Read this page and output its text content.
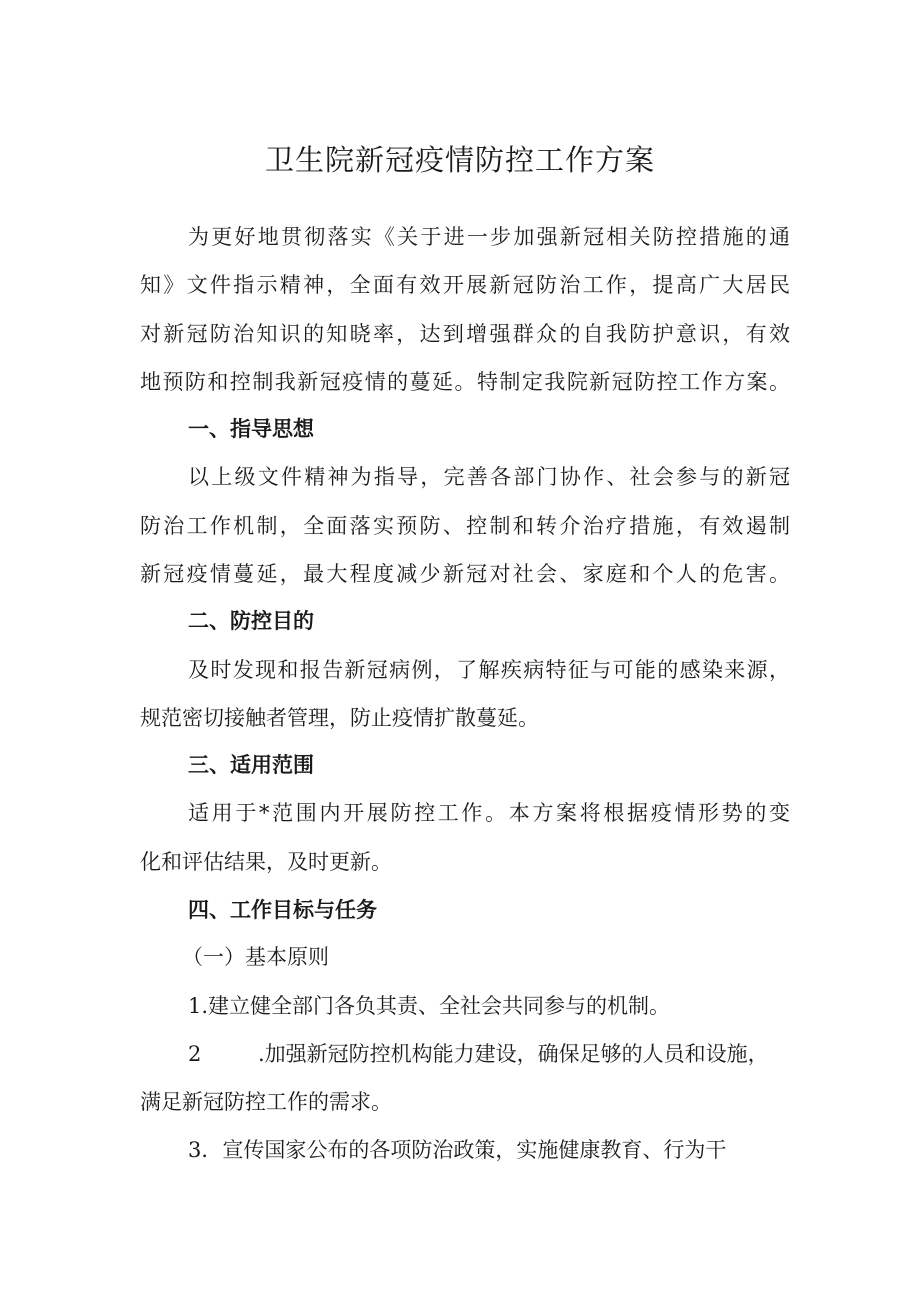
卫生院新冠疫情防控工作方案

为更好地贯彻落实《关于进一步加强新冠相关防控措施的通

知》文件指示精神，全面有效开展新冠防治工作，提高广大居民

对新冠防治知识的知晓率，达到增强群众的自我防护意识，有效

地预防和控制我新冠疫情的蔓延。特制定我院新冠防控工作方案。

一、指导思想

以上级文件精神为指导，完善各部门协作、社会参与的新冠

防治工作机制，全面落实预防、控制和转介治疗措施，有效遏制

新冠疫情蔓延，最大程度减少新冠对社会、家庭和个人的危害。

二、防控目的

及时发现和报告新冠病例，了解疾病特征与可能的感染来源，

规范密切接触者管理，防止疫情扩散蔓延。

三、适用范围

适用于*范围内开展防控工作。本方案将根据疫情形势的变

化和评估结果，及时更新。

四、工作目标与任务

（一）基本原则

1.建立健全部门各负其责、全社会共同参与的机制。

2	.加强新冠防控机构能力建设，确保足够的人员和设施，

满足新冠防控工作的需求。

3．宣传国家公布的各项防治政策，实施健康教育、行为干
